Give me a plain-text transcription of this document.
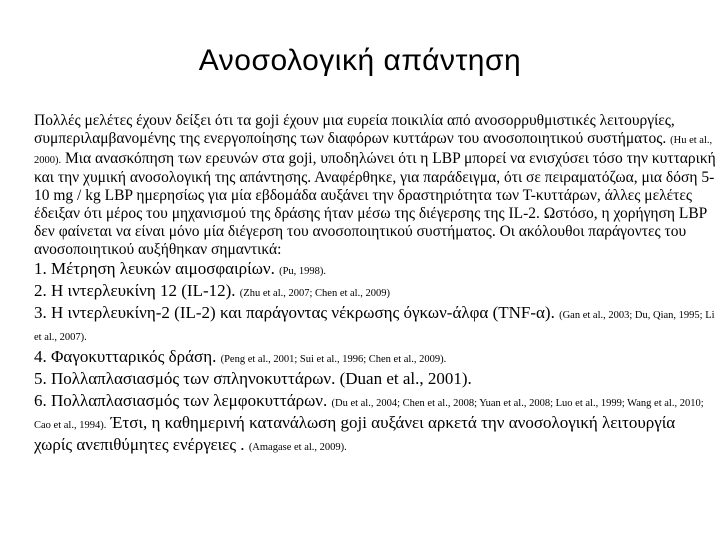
Ανοσολογική απάντηση

Πολλές μελέτες έχουν δείξει ότι τα goji έχουν μια ευρεία ποικιλία από ανοσορρυθμιστικές λειτουργίες, συμπεριλαμβανομένης της ενεργοποίησης των διαφόρων κυττάρων του ανοσοποιητικού συστήματος. (Hu et al., 2000). Μια ανασκόπηση των ερευνών στα goji, υποδηλώνει ότι η LBP μπορεί να ενισχύσει τόσο την κυτταρική και την χυμική ανοσολογική της απάντησης. Αναφέρθηκε, για παράδειγμα, ότι σε πειραματόζωα, μια δόση 5-10 mg / kg LBP ημερησίως για μία εβδομάδα αυξάνει την δραστηριότητα των Τ-κυττάρων, άλλες μελέτες έδειξαν ότι μέρος του μηχανισμού της δράσης ήταν μέσω της διέγερσης της IL-2. Ωστόσο, η χορήγηση LBP δεν φαίνεται να είναι μόνο μία διέγερση του ανοσοποιητικού συστήματος. Οι ακόλουθοι παράγοντες του ανοσοποιητικού αυξήθηκαν σημαντικά:

1. Μέτρηση λευκών αιμοσφαιρίων. (Pu, 1998).
2. Η ιντερλευκίνη 12 (IL-12). (Zhu et al., 2007; Chen et al., 2009)
3. Η ιντερλευκίνη-2 (IL-2) και παράγοντας νέκρωσης όγκων-άλφα (TNF-α). (Gan et al., 2003; Du, Qian, 1995; Li et al., 2007).
4. Φαγοκυτταρικός δράση. (Peng et al., 2001; Sui et al., 1996; Chen et al., 2009).
5. Πολλαπλασιασμός των σπληνοκυττάρων. (Duan et al., 2001).
6. Πολλαπλασιασμός των λεμφοκυττάρων. (Du et al., 2004; Chen et al., 2008; Yuan et al., 2008; Luo et al., 1999; Wang et al., 2010; Cao et al., 1994). Έτσι, η καθημερινή κατανάλωση goji αυξάνει αρκετά την ανοσολογική λειτουργία χωρίς ανεπιθύμητες ενέργειες . (Amagase et al., 2009).
